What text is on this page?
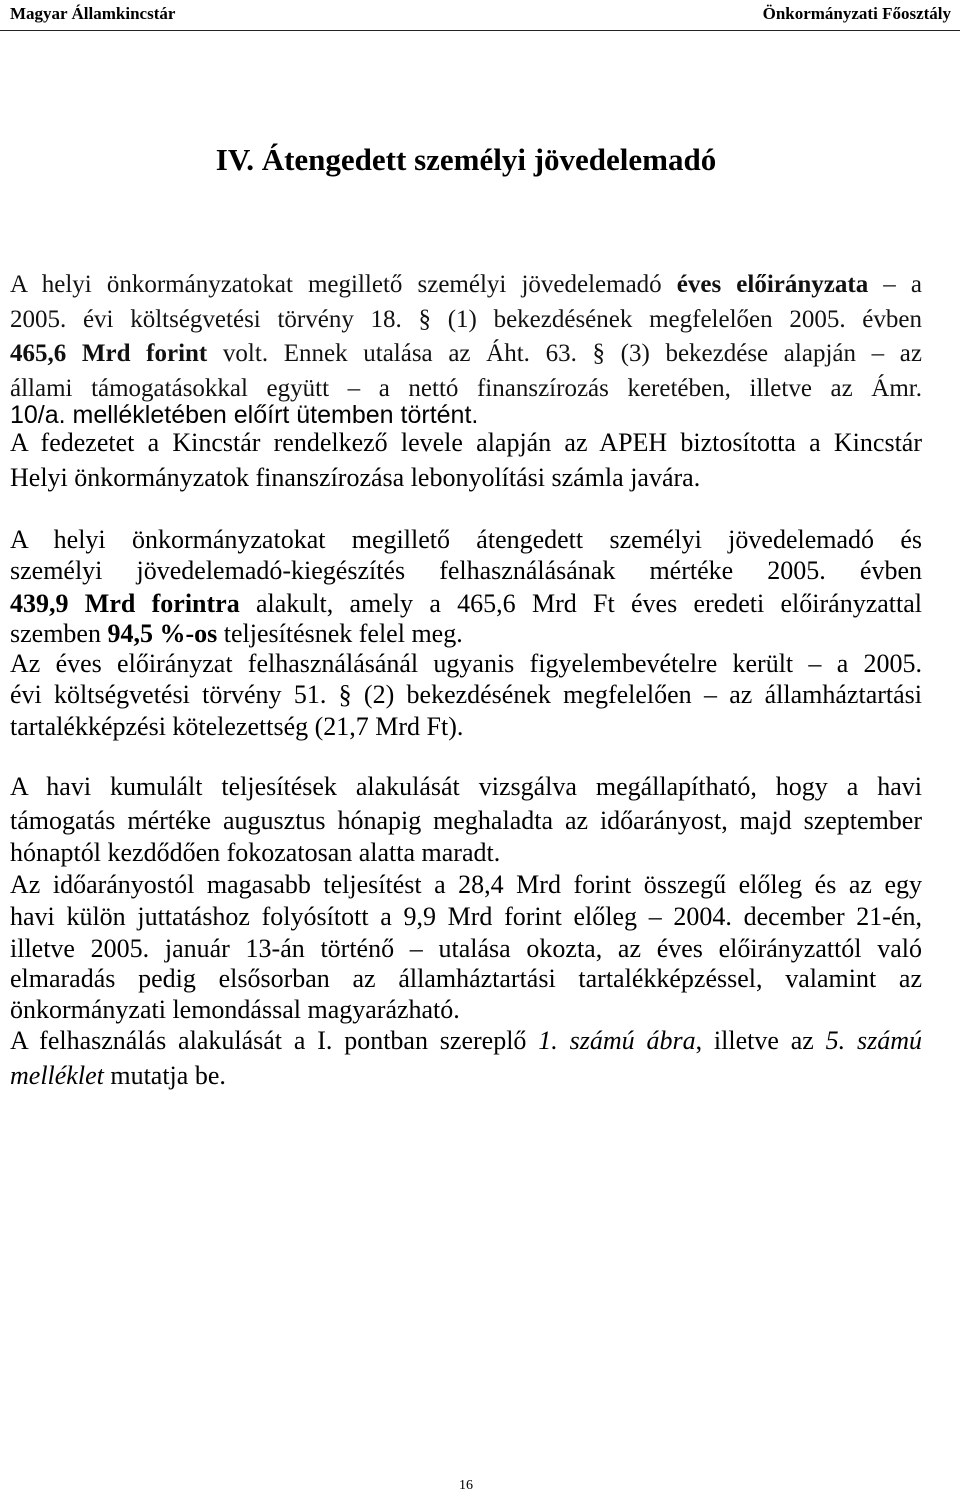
Magyar Államkincstár	Önkormányzati Főosztály
IV. Átengedett személyi jövedelemadó
A helyi önkormányzatokat megillető személyi jövedelemadó éves előirányzata – a
2005. évi költségvetési törvény 18. § (1) bekezdésének megfelelően 2005. évben
465,6 Mrd forint volt. Ennek utalása az Áht. 63. § (3) bekezdése alapján – az
állami támogatásokkal együtt – a nettó finanszírozás keretében, illetve az Ámr.
10/a. mellékletében előírt ütemben történt.
A fedezetet a Kincstár rendelkező levele alapján az APEH biztosította a Kincstár
Helyi önkormányzatok finanszírozása lebonyolítási számla javára.
A helyi önkormányzatokat megillető átengedett személyi jövedelemadó és
személyi jövedelemadó-kiegészítés felhasználásának mértéke 2005. évben
439,9 Mrd forintra alakult, amely a 465,6 Mrd Ft éves eredeti előirányzattal
szemben 94,5 %-os teljesítésnek felel meg.
Az éves előirányzat felhasználásánál ugyanis figyelembevételre került – a 2005.
évi költségvetési törvény 51. § (2) bekezdésének megfelelően – az államháztartási
tartalékképzési kötelezettség (21,7 Mrd Ft).
A havi kumulált teljesítések alakulását vizsgálva megállapítható, hogy a havi
támogatás mértéke augusztus hónapig meghaladta az időarányost, majd szeptember
hónaptól kezdődően fokozatosan alatta maradt.
Az időarányostól magasabb teljesítést a 28,4 Mrd forint összegű előleg és az egy
havi külön juttatáshoz folyósított a 9,9 Mrd forint előleg – 2004. december 21-én,
illetve 2005. január 13-án történő – utalása okozta, az éves előirányzattól való
elmaradás pedig elsősorban az államháztartási tartalékképzéssel, valamint az
önkormányzati lemondással magyarázható.
A felhasználás alakulását a I. pontban szereplő 1. számú ábra, illetve az 5. számú
melléklet mutatja be.
16
